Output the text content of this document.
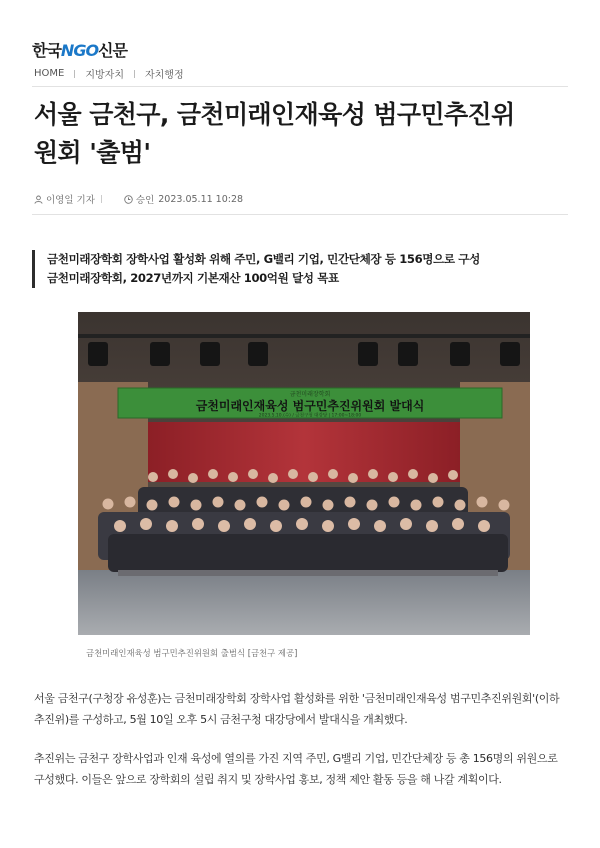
한국NGO신문
HOME 지방자치 자치행정
서울 금천구, 금천미래인재육성 범구민추진위
원회 '출범'
이영일 기자	승인 2023.05.11 10:28
금천미래장학회 장학사업 활성화 위해 주민, G밸리 기업, 민간단체장 등 156명으로 구성
금천미래장학회, 2027년까지 기본재산 100억원 달성 목표
금천미래장학회
금천미래인재육성 범구민추진위원회 발대식
2023.5.10.(수) / 금천구청 대강당 | 17:00~18:00
금천미래인재육성 범구민추진위원회 출범식 [금천구 제공]
서울 금천구(구청장 유성훈)는 금천미래장학회 장학사업 활성화를 위한 '금천미래인재육성 범구민추진위원회'(이하 추진위)를 구성하고, 5월 10일 오후 5시 금천구청 대강당에서 발대식을 개최했다.
추진위는 금천구 장학사업과 인재 육성에 열의를 가진 지역 주민, G밸리 기업, 민간단체장 등 총 156명의 위원으로 구성했다. 이들은 앞으로 장학회의 설립 취지 및 장학사업 홍보, 정책 제안 활동 등을 해 나갈 계획이다.
